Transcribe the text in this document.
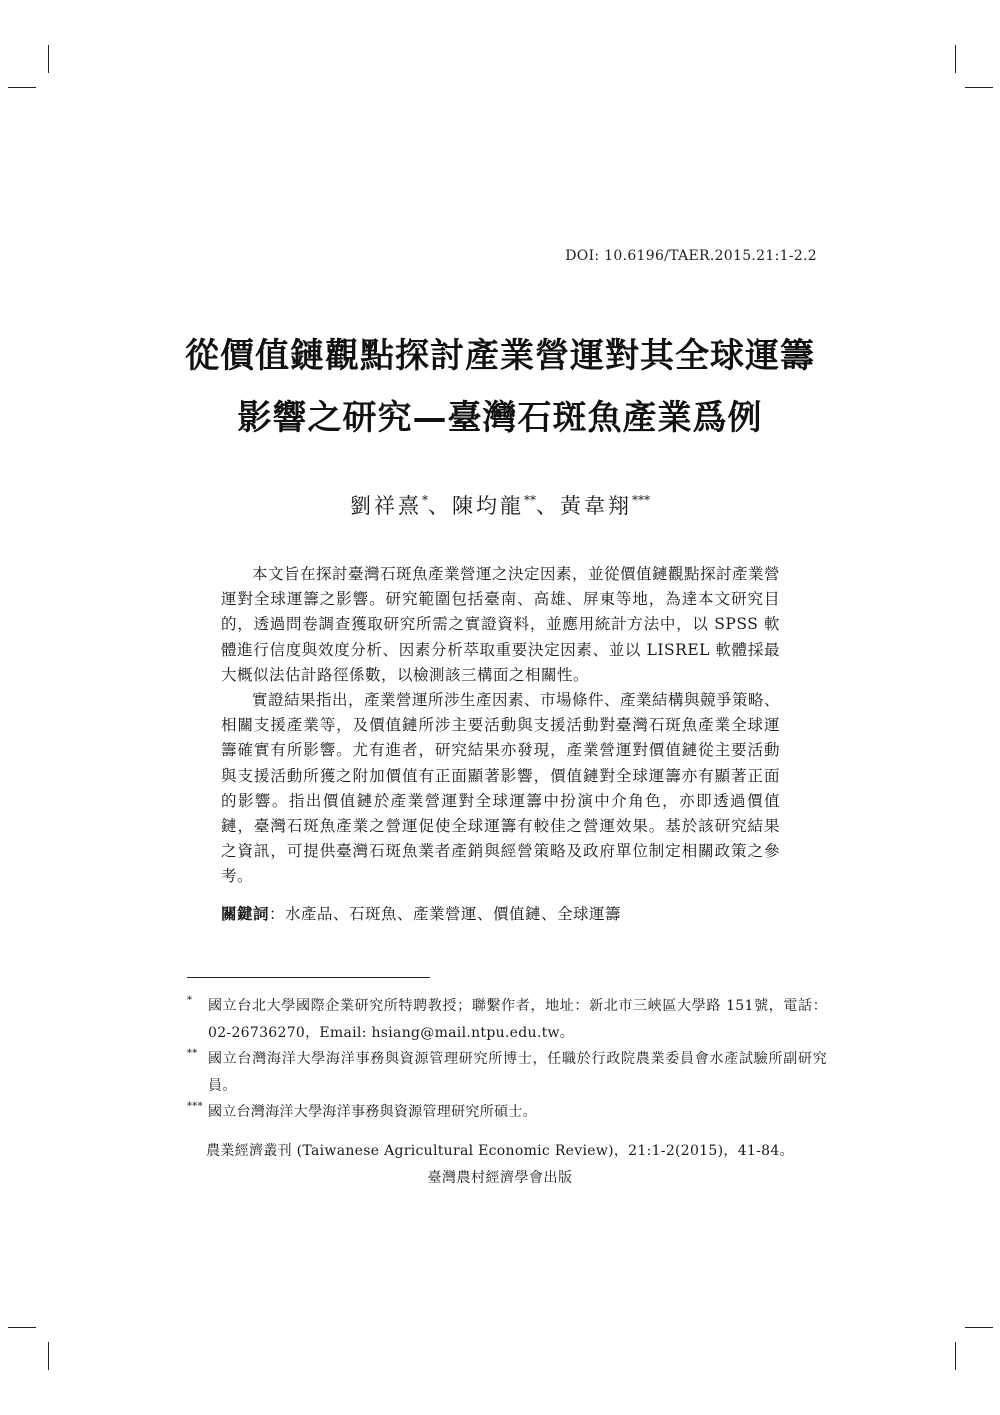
DOI: 10.6196/TAER.2015.21:1-2.2
從價值鏈觀點探討產業營運對其全球運籌
影響之研究—臺灣石斑魚產業爲例
劉祥熹*、陳均龍**、黃韋翔***

本文旨在探討臺灣石斑魚產業營運之決定因素，並從價值鏈觀點探討產業營運對全球運籌之影響。研究範圍包括臺南、高雄、屏東等地，為達本文研究目的，透過問卷調查獲取研究所需之實證資料，並應用統計方法中，以 SPSS 軟體進行信度與效度分析、因素分析萃取重要決定因素、並以 LISREL 軟體採最大概似法估計路徑係數，以檢測該三構面之相關性。

實證結果指出，產業營運所涉生產因素、市場條件、產業結構與競爭策略、相關支援產業等，及價值鏈所涉主要活動與支援活動對臺灣石斑魚產業全球運籌確實有所影響。尤有進者，研究結果亦發現，產業營運對價值鏈從主要活動與支援活動所獲之附加價值有正面顯著影響，價值鏈對全球運籌亦有顯著正面的影響。指出價值鏈於產業營運對全球運籌中扮演中介角色，亦即透過價值鏈，臺灣石斑魚產業之營運促使全球運籌有較佳之營運效果。基於該研究結果之資訊，可提供臺灣石斑魚業者產銷與經營策略及政府單位制定相關政策之參考。

關鍵詞：水產品、石斑魚、產業營運、價值鏈、全球運籌
* 國立台北大學國際企業研究所特聘教授；聯繫作者，地址：新北市三峽區大學路 151號，電話：02-26736270，Email: hsiang@mail.ntpu.edu.tw。
** 國立台灣海洋大學海洋事務與資源管理研究所博士，任職於行政院農業委員會水產試驗所副研究員。
*** 國立台灣海洋大學海洋事務與資源管理研究所碩士。
農業經濟叢刊 (Taiwanese Agricultural Economic Review)，21:1-2(2015)，41-84。
臺灣農村經濟學會出版
